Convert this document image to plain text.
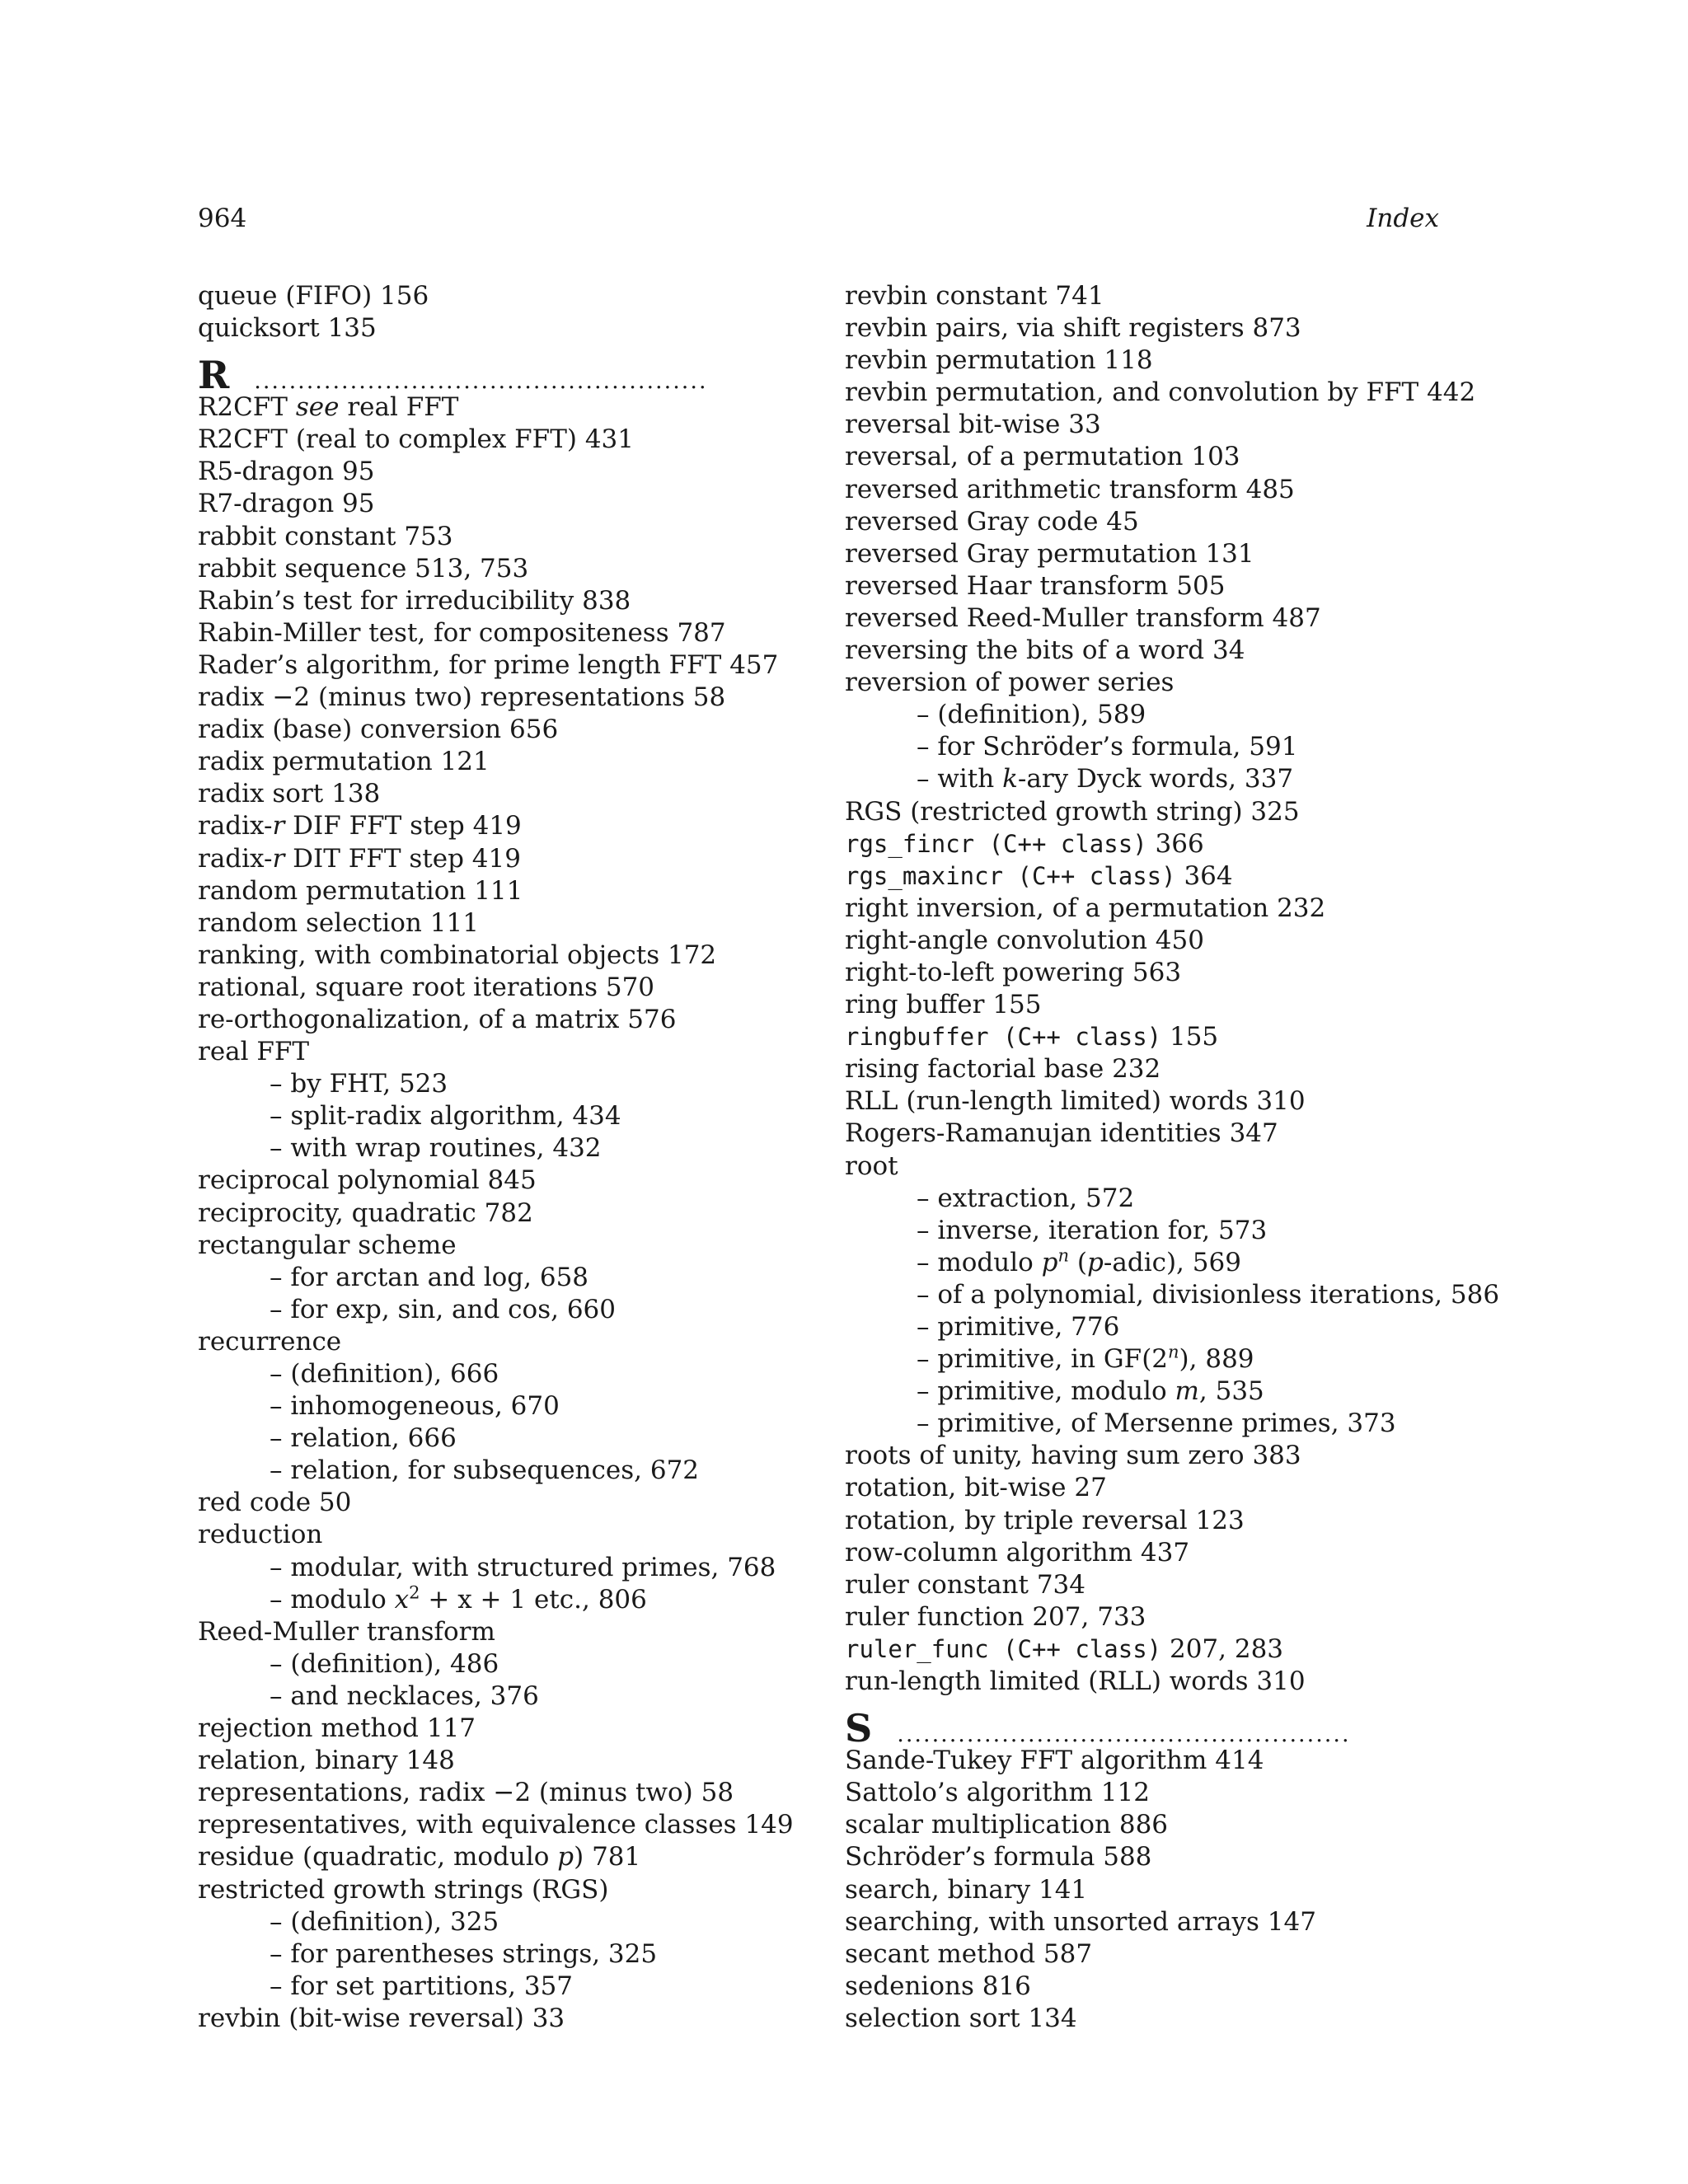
964	Index
queue (FIFO) 156
quicksort 135
R ....................................................
R2CFT see real FFT
R2CFT (real to complex FFT) 431
R5-dragon 95
R7-dragon 95
rabbit constant 753
rabbit sequence 513, 753
Rabin’s test for irreducibility 838
Rabin-Miller test, for compositeness 787
Rader’s algorithm, for prime length FFT 457
radix −2 (minus two) representations 58
radix (base) conversion 656
radix permutation 121
radix sort 138
radix-r DIF FFT step 419
radix-r DIT FFT step 419
random permutation 111
random selection 111
ranking, with combinatorial objects 172
rational, square root iterations 570
re-orthogonalization, of a matrix 576
real FFT
– by FHT, 523
– split-radix algorithm, 434
– with wrap routines, 432
reciprocal polynomial 845
reciprocity, quadratic 782
rectangular scheme
– for arctan and log, 658
– for exp, sin, and cos, 660
recurrence
– (definition), 666
– inhomogeneous, 670
– relation, 666
– relation, for subsequences, 672
red code 50
reduction
– modular, with structured primes, 768
– modulo $x^2 + x + 1$ etc., 806
Reed-Muller transform
– (definition), 486
– and necklaces, 376
rejection method 117
relation, binary 148
representations, radix −2 (minus two) 58
representatives, with equivalence classes 149
residue (quadratic, modulo p) 781
restricted growth strings (RGS)
– (definition), 325
– for parentheses strings, 325
– for set partitions, 357
revbin (bit-wise reversal) 33
revbin constant 741
revbin pairs, via shift registers 873
revbin permutation 118
revbin permutation, and convolution by FFT 442
reversal bit-wise 33
reversal, of a permutation 103
reversed arithmetic transform 485
reversed Gray code 45
reversed Gray permutation 131
reversed Haar transform 505
reversed Reed-Muller transform 487
reversing the bits of a word 34
reversion of power series
– (definition), 589
– for Schröder’s formula, 591
– with k-ary Dyck words, 337
RGS (restricted growth string) 325
rgs_fincr (C++ class) 366
rgs_maxincr (C++ class) 364
right inversion, of a permutation 232
right-angle convolution 450
right-to-left powering 563
ring buffer 155
ringbuffer (C++ class) 155
rising factorial base 232
RLL (run-length limited) words 310
Rogers-Ramanujan identities 347
root
– extraction, 572
– inverse, iteration for, 573
– modulo $p^n$ (p-adic), 569
– of a polynomial, divisionless iterations, 586
– primitive, 776
– primitive, in GF(2$^n$), 889
– primitive, modulo m, 535
– primitive, of Mersenne primes, 373
roots of unity, having sum zero 383
rotation, bit-wise 27
rotation, by triple reversal 123
row-column algorithm 437
ruler constant 734
ruler function 207, 733
ruler_func (C++ class) 207, 283
run-length limited (RLL) words 310
S ....................................................
Sande-Tukey FFT algorithm 414
Sattolo’s algorithm 112
scalar multiplication 886
Schröder’s formula 588
search, binary 141
searching, with unsorted arrays 147
secant method 587
sedenions 816
selection sort 134
